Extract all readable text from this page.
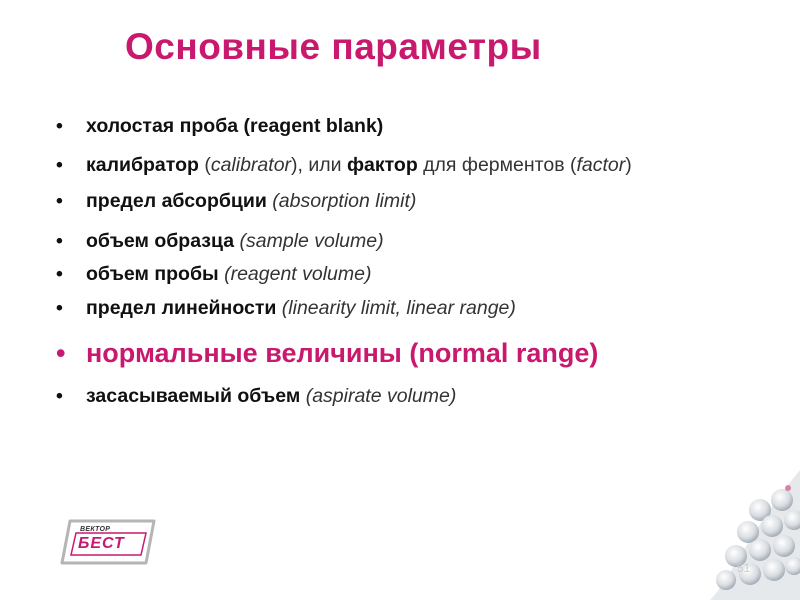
Основные параметры
• холостая проба (reagent blank)
• калибратор (calibrator), или фактор для ферментов (factor)
• предел абсорбции (absorption limit)
• объем образца (sample volume)
• объем пробы (reagent volume)
• предел линейности (linearity limit, linear range)
• нормальные величины (normal range)
• засасываемый объем (aspirate volume)
ВЕКТОР
БЕСТ
51
